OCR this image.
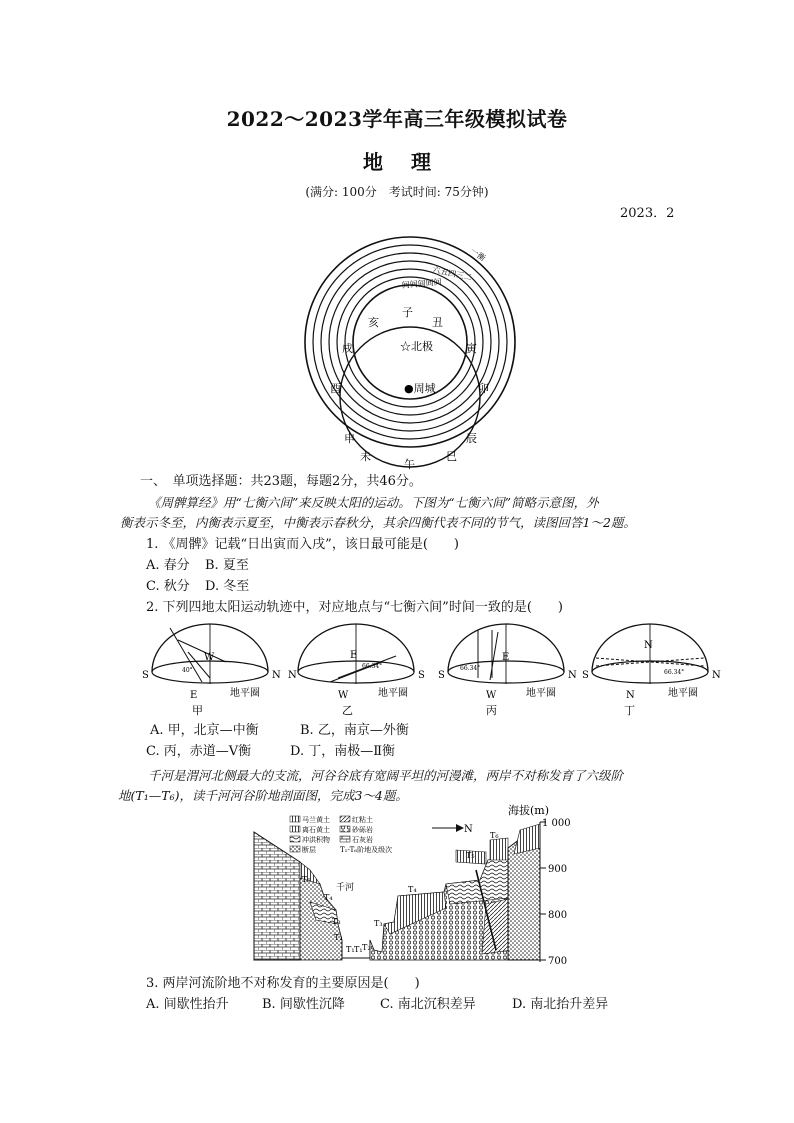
2022～2023学年高三年级模拟试卷
地理
(满分: 100分　考试时间: 75分钟)
2023．2
☆北极
●周城
子
丑
寅
卯
辰
巳
午
未
申
酉
戌
亥
一衡
六五四三二
间间间间间
一、　单项选择题：共23题，每题2分，共46分。
《周髀算经》用“七衡六间”来反映太阳的运动。下图为“七衡六间”简略示意图，外
衡表示冬至，内衡表示夏至，中衡表示春秋分，其余四衡代表不同的节气，读图回答1～2题。
1. 《周髀》记载“日出寅而入戌”，该日最可能是(　　)
A. 春分 B. 夏至
C. 秋分 D. 冬至
2. 下列四地太阳运动轨迹中，对应地点与“七衡六间”时间一致的是(　　)
40°
S	N
W
E	地平圈
甲
66.34°
N	S
E
W	地平圈
乙
66.34°
S	N
E
W	地平圈
丙
66.34°
S	N
N
N	地平圈
丁
A. 甲，北京—中衡	B. 乙，南京—外衡
C. 丙，赤道—V衡	D. 丁，南极—Ⅱ衡
千河是渭河北侧最大的支流，河谷谷底有宽阔平坦的河漫滩，两岸不对称发育了六级阶
地(T₁—T₆)，读千河河谷阶地剖面图，完成3～4题。
海拔(m)
1 000
900
800
700
N
千河
马兰黄土	红粘土
离石黄土	砂砾岩
冲洪积物	石灰岩
断层	T₁-T₆阶地及级次
T₁ T₂
T₃
T₄
T₅
T₆
T₁
T₂
T₃
T₄
T₅
3. 两岸河流阶地不对称发育的主要原因是(　　)
A. 间歇性抬升	B. 间歇性沉降	C. 南北沉积差异	D. 南北抬升差异
